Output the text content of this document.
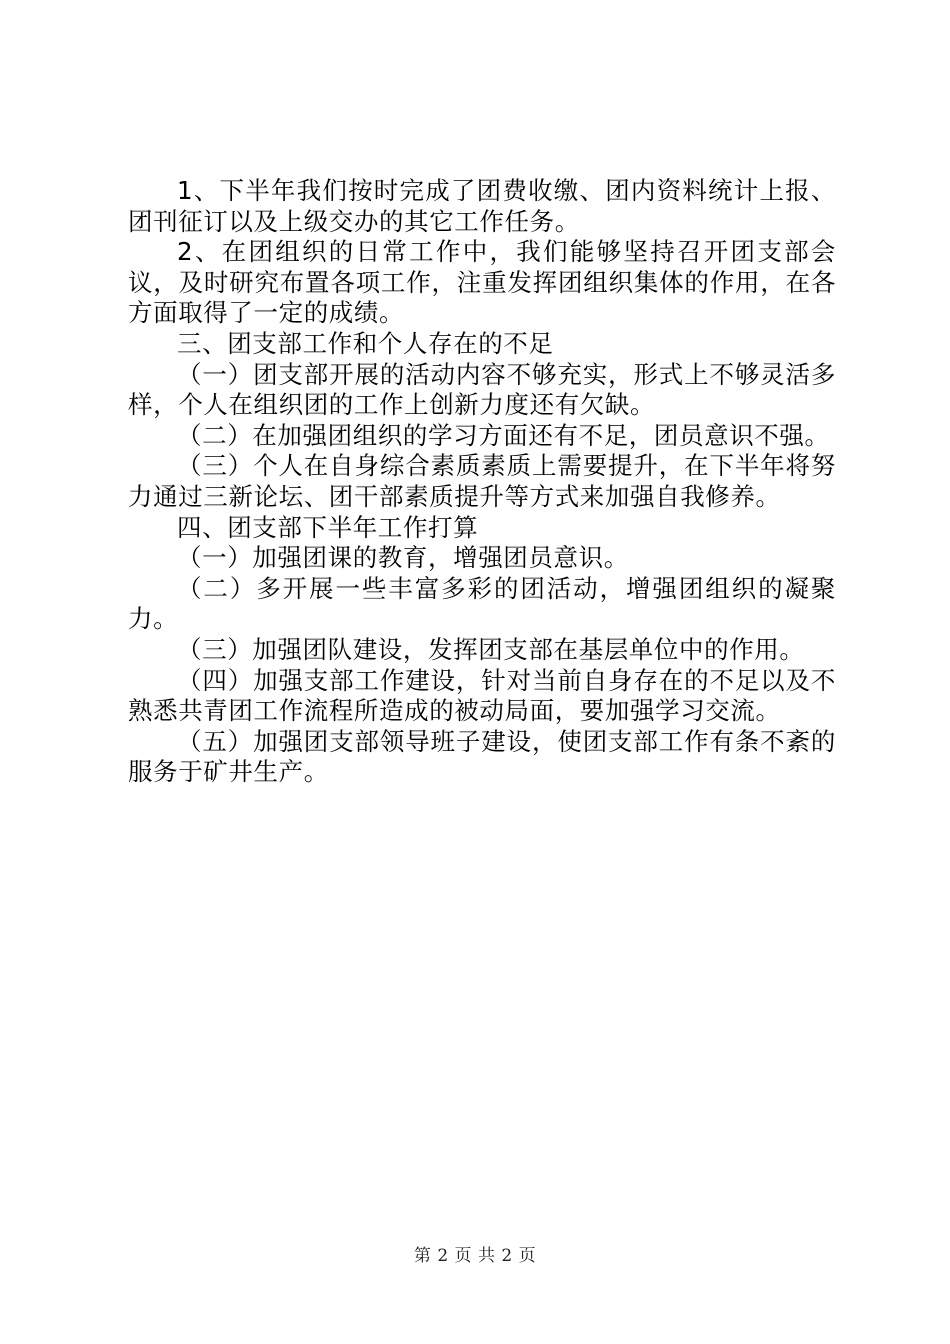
1、下半年我们按时完成了团费收缴、团内资料统计上报、团刊征订以及上级交办的其它工作任务。

2、在团组织的日常工作中，我们能够坚持召开团支部会议，及时研究布置各项工作，注重发挥团组织集体的作用，在各方面取得了一定的成绩。

三、团支部工作和个人存在的不足

（一）团支部开展的活动内容不够充实，形式上不够灵活多样，个人在组织团的工作上创新力度还有欠缺。

（二）在加强团组织的学习方面还有不足，团员意识不强。

（三）个人在自身综合素质素质上需要提升，在下半年将努力通过三新论坛、团干部素质提升等方式来加强自我修养。

四、团支部下半年工作打算

（一）加强团课的教育，增强团员意识。

（二）多开展一些丰富多彩的团活动，增强团组织的凝聚力。

（三）加强团队建设，发挥团支部在基层单位中的作用。

（四）加强支部工作建设，针对当前自身存在的不足以及不熟悉共青团工作流程所造成的被动局面，要加强学习交流。

（五）加强团支部领导班子建设，使团支部工作有条不紊的服务于矿井生产。

第 2 页 共 2 页
